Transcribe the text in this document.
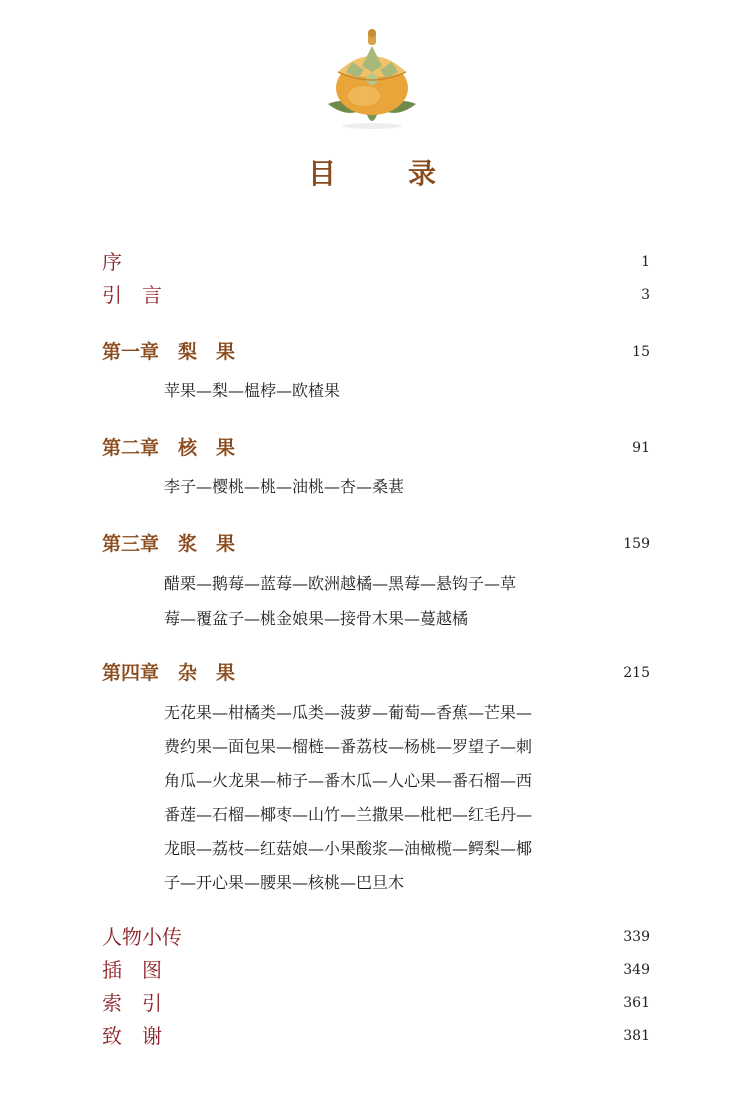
目　录
序	1
引　言	3
第一章　梨　果	15
苹果—梨—榅桲—欧楂果
第二章　核　果	91
李子—樱桃—桃—油桃—杏—桑葚
第三章　浆　果	159
醋栗—鹅莓—蓝莓—欧洲越橘—黑莓—悬钩子—草
莓—覆盆子—桃金娘果—接骨木果—蔓越橘
第四章　杂　果	215
无花果—柑橘类—瓜类—菠萝—葡萄—香蕉—芒果—
费约果—面包果—榴梿—番荔枝—杨桃—罗望子—刺
角瓜—火龙果—柿子—番木瓜—人心果—番石榴—西
番莲—石榴—椰枣—山竹—兰撒果—枇杷—红毛丹—
龙眼—荔枝—红菇娘—小果酸浆—油橄榄—鳄梨—椰
子—开心果—腰果—核桃—巴旦木
人物小传	339
插　图	349
索　引	361
致　谢	381
